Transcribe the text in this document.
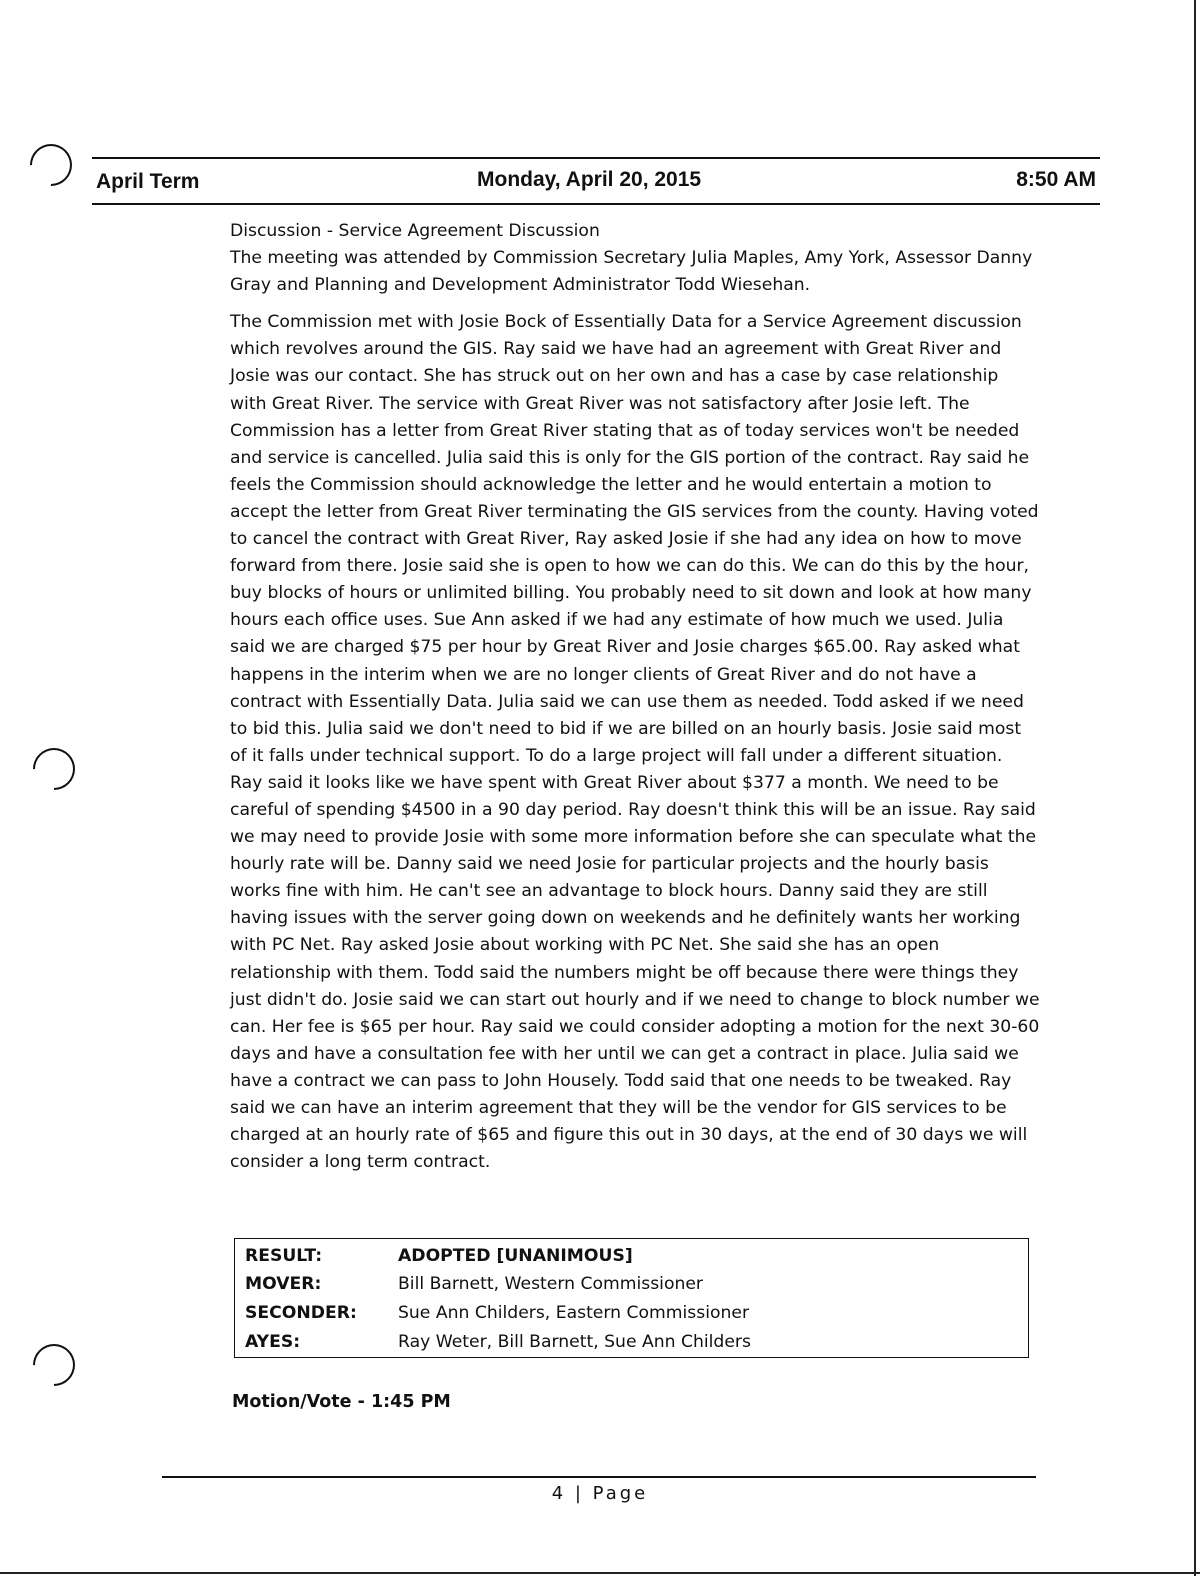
April Term	Monday, April 20, 2015	8:50 AM

Discussion - Service Agreement Discussion

The meeting was attended by Commission Secretary Julia Maples, Amy York, Assessor Danny Gray and Planning and Development Administrator Todd Wiesehan.

The Commission met with Josie Bock of Essentially Data for a Service Agreement discussion which revolves around the GIS. Ray said we have had an agreement with Great River and Josie was our contact. She has struck out on her own and has a case by case relationship with Great River. The service with Great River was not satisfactory after Josie left. The Commission has a letter from Great River stating that as of today services won't be needed and service is cancelled. Julia said this is only for the GIS portion of the contract. Ray said he feels the Commission should acknowledge the letter and he would entertain a motion to accept the letter from Great River terminating the GIS services from the county. Having voted to cancel the contract with Great River, Ray asked Josie if she had any idea on how to move forward from there. Josie said she is open to how we can do this. We can do this by the hour, buy blocks of hours or unlimited billing. You probably need to sit down and look at how many hours each office uses. Sue Ann asked if we had any estimate of how much we used. Julia said we are charged $75 per hour by Great River and Josie charges $65.00. Ray asked what happens in the interim when we are no longer clients of Great River and do not have a contract with Essentially Data. Julia said we can use them as needed. Todd asked if we need to bid this. Julia said we don't need to bid if we are billed on an hourly basis. Josie said most of it falls under technical support. To do a large project will fall under a different situation. Ray said it looks like we have spent with Great River about $377 a month. We need to be careful of spending $4500 in a 90 day period. Ray doesn't think this will be an issue. Ray said we may need to provide Josie with some more information before she can speculate what the hourly rate will be. Danny said we need Josie for particular projects and the hourly basis works fine with him. He can't see an advantage to block hours. Danny said they are still having issues with the server going down on weekends and he definitely wants her working with PC Net. Ray asked Josie about working with PC Net. She said she has an open relationship with them. Todd said the numbers might be off because there were things they just didn't do. Josie said we can start out hourly and if we need to change to block number we can. Her fee is $65 per hour. Ray said we could consider adopting a motion for the next 30-60 days and have a consultation fee with her until we can get a contract in place. Julia said we have a contract we can pass to John Housely. Todd said that one needs to be tweaked. Ray said we can have an interim agreement that they will be the vendor for GIS services to be charged at an hourly rate of $65 and figure this out in 30 days, at the end of 30 days we will consider a long term contract.

RESULT:	ADOPTED [UNANIMOUS]
MOVER:	Bill Barnett, Western Commissioner
SECONDER: Sue Ann Childers, Eastern Commissioner
AYES:	Ray Weter, Bill Barnett, Sue Ann Childers
Motion/Vote - 1:45 PM
4 | Page
